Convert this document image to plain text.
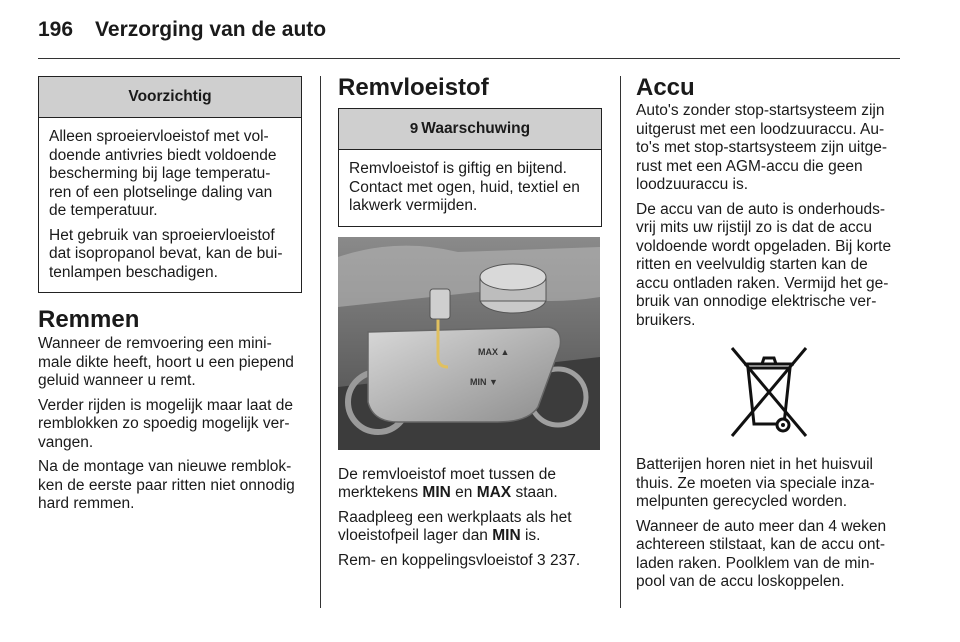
196 Verzorging van de auto
Voorzichtig

Alleen sproeiervloeistof met vol-
doende antivries biedt voldoende
bescherming bij lage temperatu-
ren of een plotselinge daling van
de temperatuur.

Het gebruik van sproeiervloeistof
dat isopropanol bevat, kan de bui-
tenlampen beschadigen.

Remmen

Wanneer de remvoering een mini-
male dikte heeft, hoort u een piepend
geluid wanneer u remt.

Verder rijden is mogelijk maar laat de
remblokken zo spoedig mogelijk ver-
vangen.

Na de montage van nieuwe remblok-
ken de eerste paar ritten niet onnodig
hard remmen.

Remvloeistof
9 Waarschuwing

Remvloeistof is giftig en bijtend.
Contact met ogen, huid, textiel en
lakwerk vermijden.

MAX ▲
MIN ▼

De remvloeistof moet tussen de
merktekens MIN en MAX staan.

Raadpleeg een werkplaats als het
vloeistofpeil lager dan MIN is.

Rem- en koppelingsvloeistof 3 237.

Accu

Auto's zonder stop-startsysteem zijn
uitgerust met een loodzuuraccu. Au-
to's met stop-startsysteem zijn uitge-
rust met een AGM-accu die geen
loodzuuraccu is.

De accu van de auto is onderhouds-
vrij mits uw rijstijl zo is dat de accu
voldoende wordt opgeladen. Bij korte
ritten en veelvuldig starten kan de
accu ontladen raken. Vermijd het ge-
bruik van onnodige elektrische ver-
bruikers.

Batterijen horen niet in het huisvuil
thuis. Ze moeten via speciale inza-
melpunten gerecycled worden.

Wanneer de auto meer dan 4 weken
achtereen stilstaat, kan de accu ont-
laden raken. Poolklem van de min-
pool van de accu loskoppelen.
